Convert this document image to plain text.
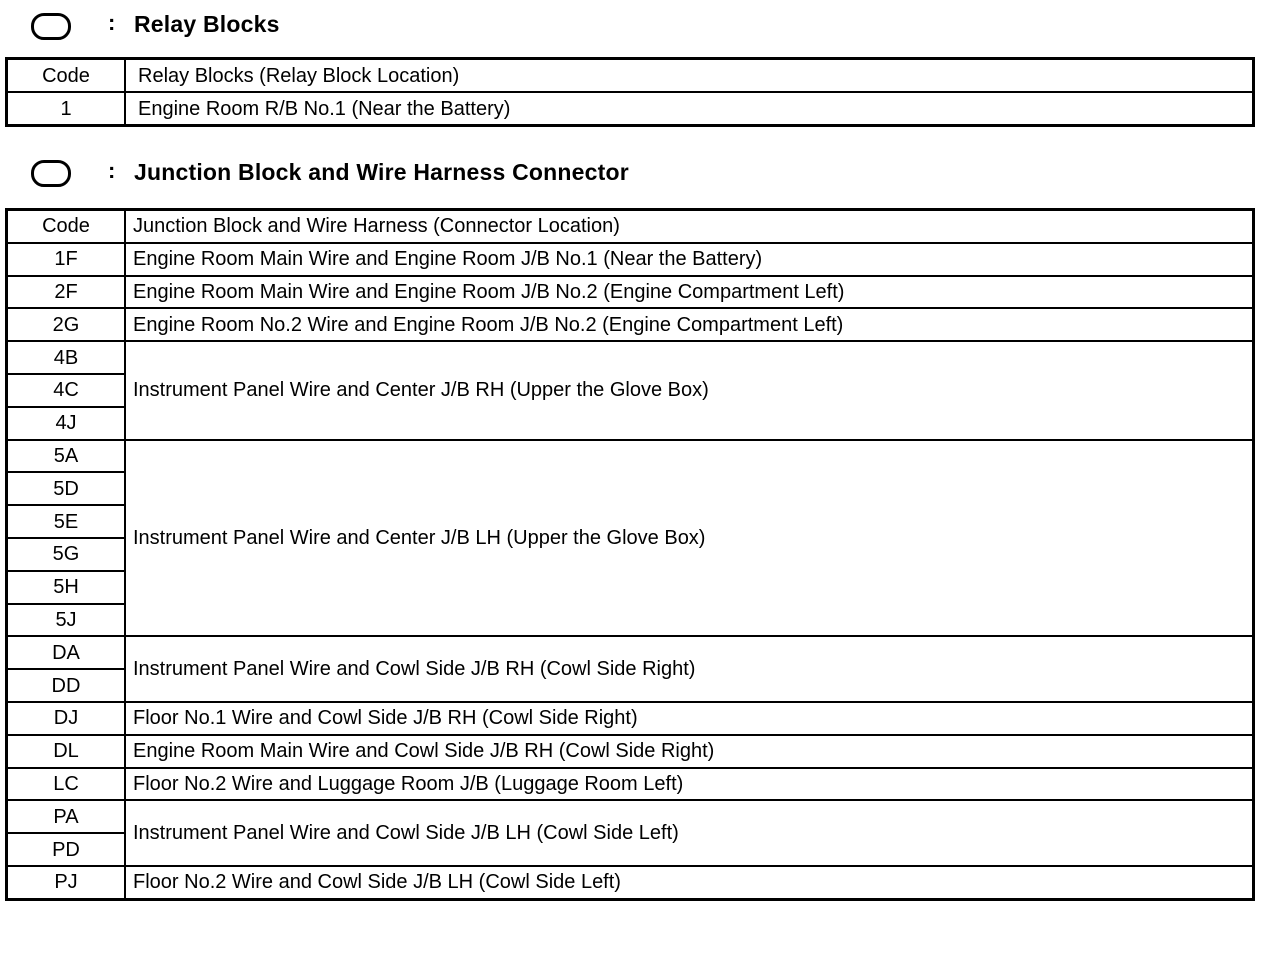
: Relay Blocks
Code	Relay Blocks (Relay Block Location)
1	Engine Room R/B No.1 (Near the Battery)
: Junction Block and Wire Harness Connector
Code	Junction Block and Wire Harness (Connector Location)
1F	Engine Room Main Wire and Engine Room J/B No.1 (Near the Battery)
2F	Engine Room Main Wire and Engine Room J/B No.2 (Engine Compartment Left)
2G	Engine Room No.2 Wire and Engine Room J/B No.2 (Engine Compartment Left)
4B	Instrument Panel Wire and Center J/B RH (Upper the Glove Box)
4C	
4J	
5A	Instrument Panel Wire and Center J/B LH (Upper the Glove Box)
5D	
5E	
5G	
5H	
5J	
DA	Instrument Panel Wire and Cowl Side J/B RH (Cowl Side Right)
DD	
DJ	Floor No.1 Wire and Cowl Side J/B RH (Cowl Side Right)
DL	Engine Room Main Wire and Cowl Side J/B RH (Cowl Side Right)
LC	Floor No.2 Wire and Luggage Room J/B (Luggage Room Left)
PA	Instrument Panel Wire and Cowl Side J/B LH (Cowl Side Left)
PD	
PJ	Floor No.2 Wire and Cowl Side J/B LH (Cowl Side Left)
